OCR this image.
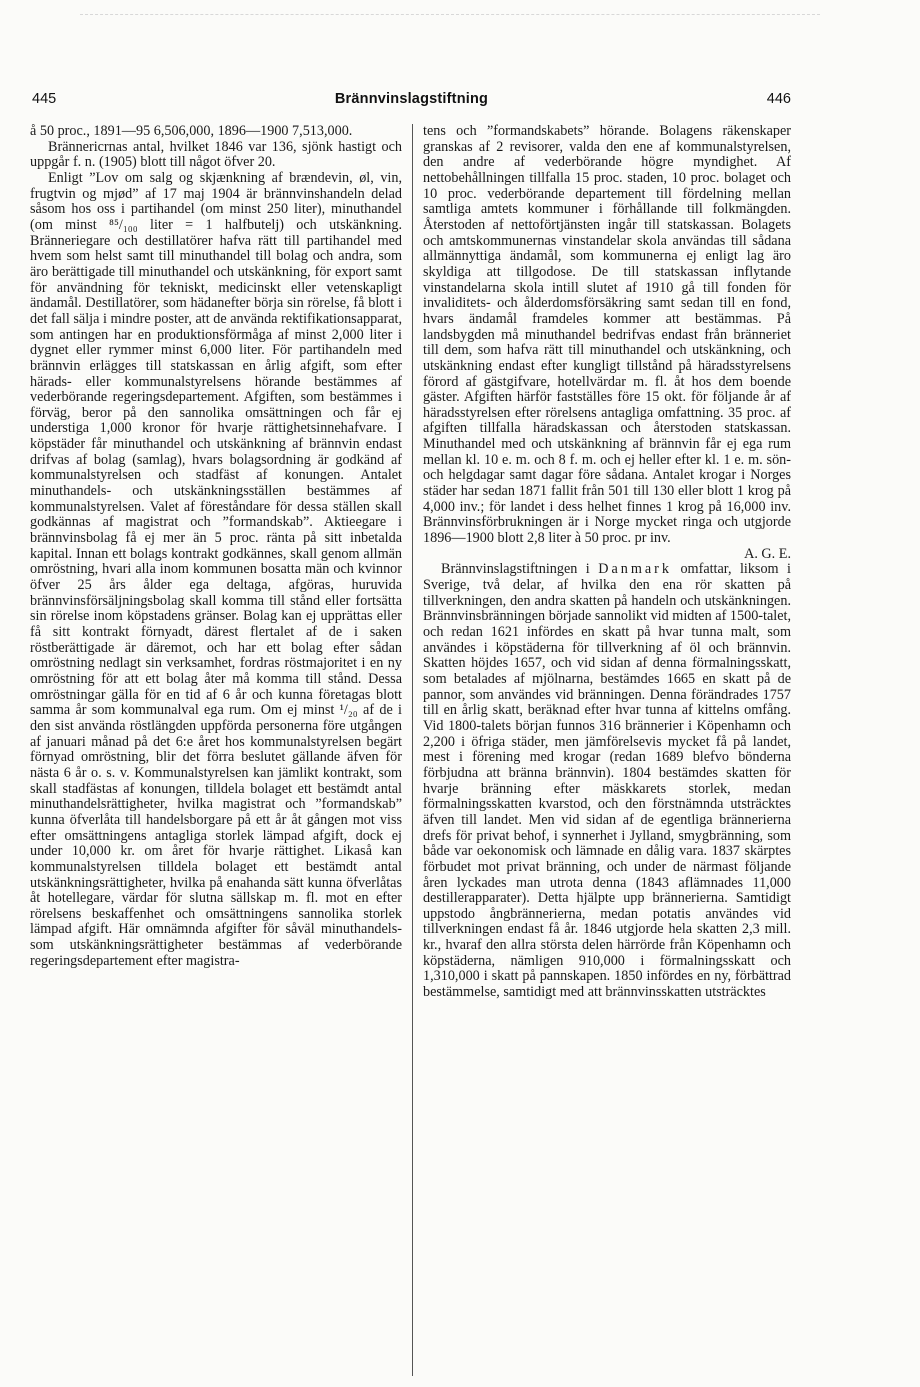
445	Brännvinslagstiftning	446

å 50 proc., 1891—95 6,506,000, 1896—1900 7,513,000.

Brännericrnas antal, hvilket 1846 var 136, sjönk hastigt och uppgår f. n. (1905) blott till något öfver 20.

Enligt ”Lov om salg og skjænkning af brændevin, øl, vin, frugtvin og mjød” af 17 maj 1904 är brännvinshandeln delad såsom hos oss i partihandel (om minst 250 liter), minuthandel (om minst ⁸⁵/₁₀₀ liter = 1 halfbutelj) och utskänkning. Bränneriegare och destillatörer hafva rätt till partihandel med hvem som helst samt till minuthandel till bolag och andra, som äro berättigade till minuthandel och utskänkning, för export samt för användning för tekniskt, medicinskt eller vetenskapligt ändamål. Destillatörer, som hädanefter börja sin rörelse, få blott i det fall sälja i mindre poster, att de använda rektifikationsapparat, som antingen har en produktionsförmåga af minst 2,000 liter i dygnet eller rymmer minst 6,000 liter. För partihandeln med brännvin erlägges till statskassan en årlig afgift, som efter härads- eller kommunalstyrelsens hörande bestämmes af vederbörande regeringsdepartement. Afgiften, som bestämmes i förväg, beror på den sannolika omsättningen och får ej understiga 1,000 kronor för hvarje rättighetsinnehafvare. I köpstäder får minuthandel och utskänkning af brännvin endast drifvas af bolag (samlag), hvars bolagsordning är godkänd af kommunalstyrelsen och stadfäst af konungen. Antalet minuthandels- och utskänkningsställen bestämmes af kommunalstyrelsen. Valet af föreståndare för dessa ställen skall godkännas af magistrat och ”formandskab”. Aktieegare i brännvinsbolag få ej mer än 5 proc. ränta på sitt inbetalda kapital. Innan ett bolags kontrakt godkännes, skall genom allmän omröstning, hvari alla inom kommunen bosatta män och kvinnor öfver 25 års ålder ega deltaga, afgöras, huruvida brännvinsförsäljningsbolag skall komma till stånd eller fortsätta sin rörelse inom köpstadens gränser. Bolag kan ej upprättas eller få sitt kontrakt förnyadt, därest flertalet af de i saken röstberättigade är däremot, och har ett bolag efter sådan omröstning nedlagt sin verksamhet, fordras röstmajoritet i en ny omröstning för att ett bolag åter må komma till stånd. Dessa omröstningar gälla för en tid af 6 år och kunna företagas blott samma år som kommunalval ega rum. Om ej minst ¹/₂₀ af de i den sist använda röstlängden uppförda personerna före utgången af januari månad på det 6:e året hos kommunalstyrelsen begärt förnyad omröstning, blir det förra beslutet gällande äfven för nästa 6 år o. s. v. Kommunalstyrelsen kan jämlikt kontrakt, som skall stadfästas af konungen, tilldela bolaget ett bestämdt antal minuthandelsrättigheter, hvilka magistrat och ”formandskab” kunna öfverlåta till handelsborgare på ett år åt gången mot viss efter omsättningens antagliga storlek lämpad afgift, dock ej under 10,000 kr. om året för hvarje rättighet. Likaså kan kommunalstyrelsen tilldela bolaget ett bestämdt antal utskänkningsrättigheter, hvilka på enahanda sätt kunna öfverlåtas åt hotellegare, värdar för slutna sällskap m. fl. mot en efter rörelsens beskaffenhet och omsättningens sannolika storlek lämpad afgift. Här omnämnda afgifter för såväl minuthandels- som utskänkningsrättigheter bestämmas af vederbörande regeringsdepartement efter magistra-

tens och ”formandskabets” hörande. Bolagens räkenskaper granskas af 2 revisorer, valda den ene af kommunalstyrelsen, den andre af vederbörande högre myndighet. Af nettobehållningen tillfalla 15 proc. staden, 10 proc. bolaget och 10 proc. vederbörande departement till fördelning mellan samtliga amtets kommuner i förhållande till folkmängden. Återstoden af nettoförtjänsten ingår till statskassan. Bolagets och amtskommunernas vinstandelar skola användas till sådana allmännyttiga ändamål, som kommunerna ej enligt lag äro skyldiga att tillgodose. De till statskassan inflytande vinstandelarna skola intill slutet af 1910 gå till fonden för invaliditets- och ålderdomsförsäkring samt sedan till en fond, hvars ändamål framdeles kommer att bestämmas. På landsbygden må minuthandel bedrifvas endast från bränneriet till dem, som hafva rätt till minuthandel och utskänkning, och utskänkning endast efter kungligt tillstånd på häradsstyrelsens förord af gästgifvare, hotellvärdar m. fl. åt hos dem boende gäster. Afgiften härför fastställes före 15 okt. för följande år af häradsstyrelsen efter rörelsens antagliga omfattning. 35 proc. af afgiften tillfalla häradskassan och återstoden statskassan. Minuthandel med och utskänkning af brännvin får ej ega rum mellan kl. 10 e. m. och 8 f. m. och ej heller efter kl. 1 e. m. sön- och helgdagar samt dagar före sådana. Antalet krogar i Norges städer har sedan 1871 fallit från 501 till 130 eller blott 1 krog på 4,000 inv.; för landet i dess helhet finnes 1 krog på 16,000 inv. Brännvinsförbrukningen är i Norge mycket ringa och utgjorde 1896—1900 blott 2,8 liter à 50 proc. pr inv.

A. G. E.

Brännvinslagstiftningen i Danmark omfattar, liksom i Sverige, två delar, af hvilka den ena rör skatten på tillverkningen, den andra skatten på handeln och utskänkningen. Brännvinsbränningen började sannolikt vid midten af 1500-talet, och redan 1621 infördes en skatt på hvar tunna malt, som användes i köpstäderna för tillverkning af öl och brännvin. Skatten höjdes 1657, och vid sidan af denna förmalningsskatt, som betalades af mjölnarna, bestämdes 1665 en skatt på de pannor, som användes vid bränningen. Denna förändrades 1757 till en årlig skatt, beräknad efter hvar tunna af kittelns omfång. Vid 1800-talets början funnos 316 brännerier i Köpenhamn och 2,200 i öfriga städer, men jämförelsevis mycket få på landet, mest i förening med krogar (redan 1689 blefvo bönderna förbjudna att bränna brännvin). 1804 bestämdes skatten för hvarje bränning efter mäskkarets storlek, medan förmalningsskatten kvarstod, och den förstnämnda utsträcktes äfven till landet. Men vid sidan af de egentliga brännerierna drefs för privat behof, i synnerhet i Jylland, smygbränning, som både var oekonomisk och lämnade en dålig vara. 1837 skärptes förbudet mot privat bränning, och under de närmast följande åren lyckades man utrota denna (1843 aflämnades 11,000 destillerapparater). Detta hjälpte upp brännerierna. Samtidigt uppstodo ångbrännerierna, medan potatis användes vid tillverkningen endast få år. 1846 utgjorde hela skatten 2,3 mill. kr., hvaraf den allra största delen härrörde från Köpenhamn och köpstäderna, nämligen 910,000 i förmalningsskatt och 1,310,000 i skatt på pannskapen. 1850 infördes en ny, förbättrad bestämmelse, samtidigt med att brännvinsskatten utsträcktes
